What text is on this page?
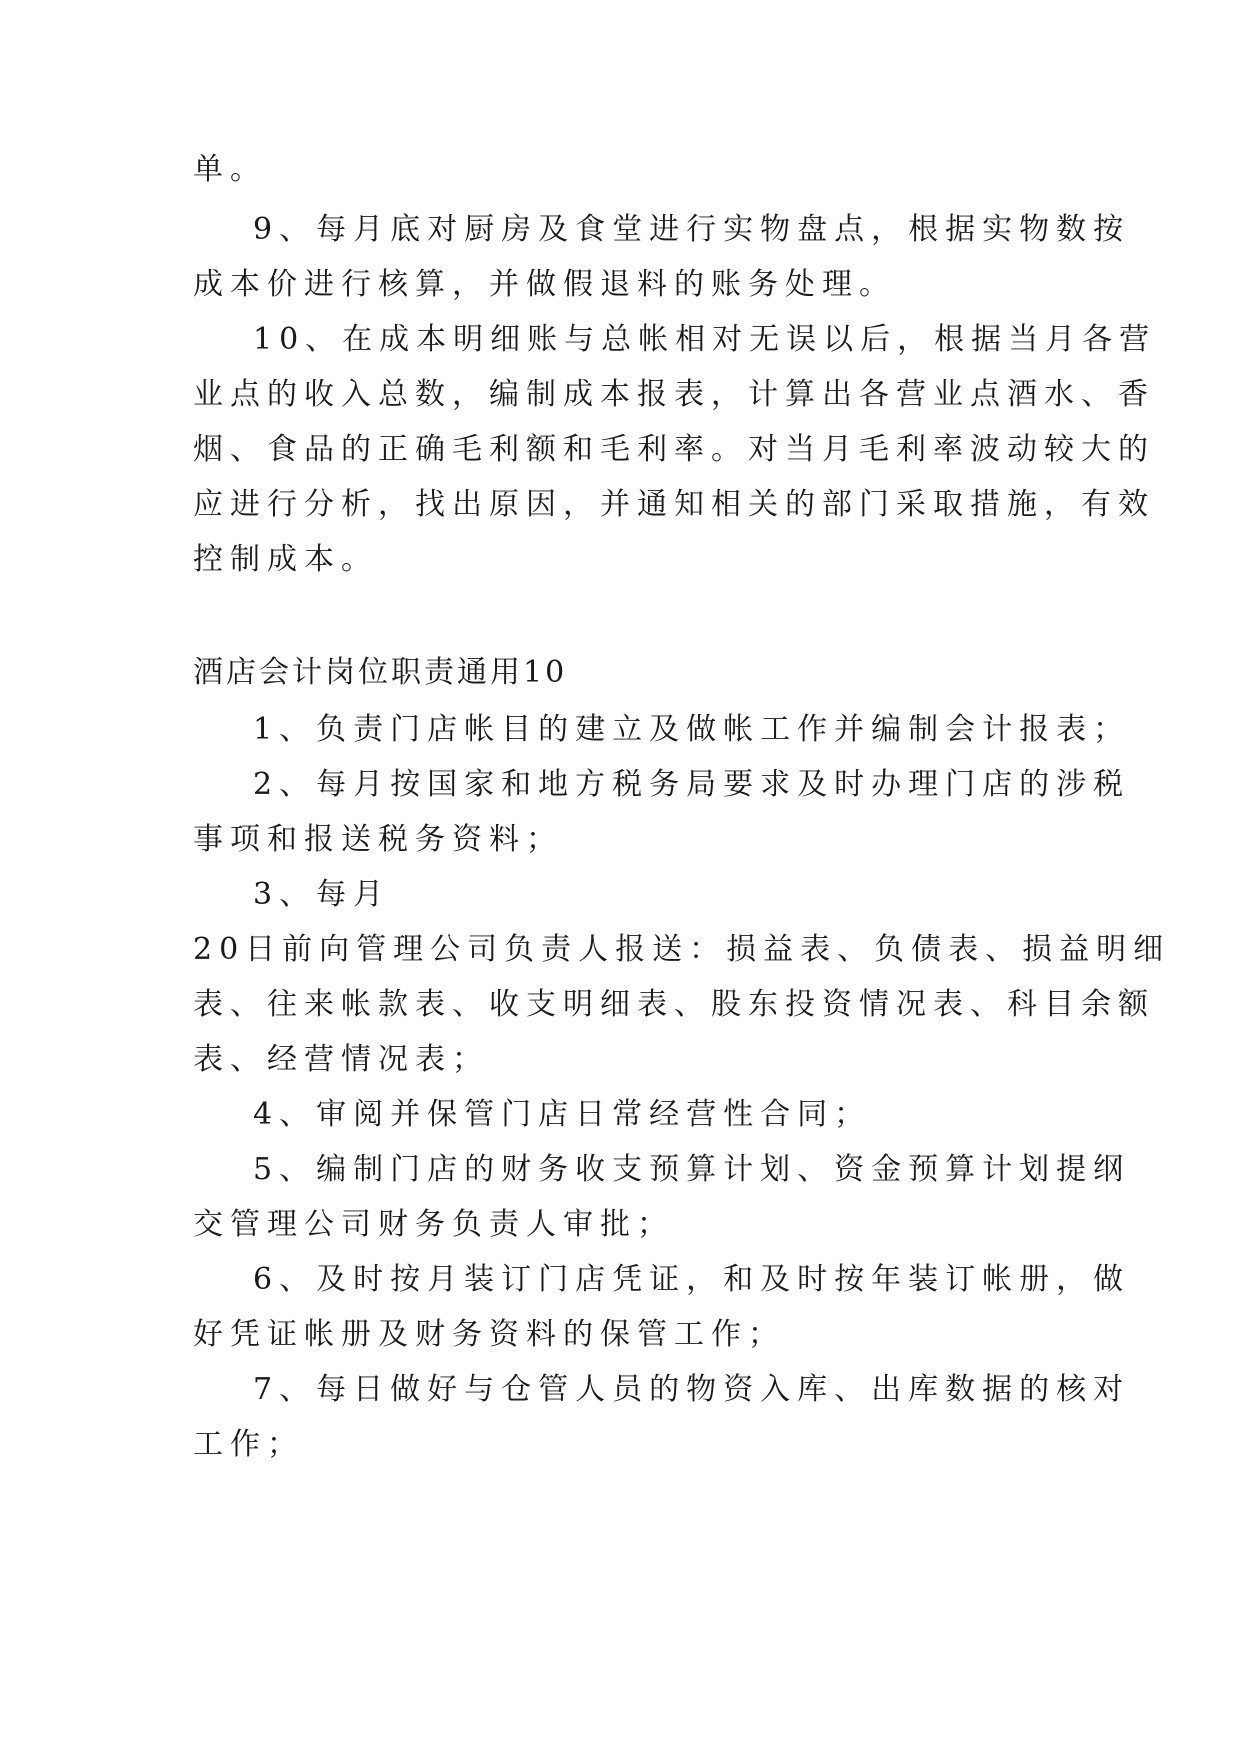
单。
9、每月底对厨房及食堂进行实物盘点，根据实物数按
成本价进行核算，并做假退料的账务处理。
10、在成本明细账与总帐相对无误以后，根据当月各营
业点的收入总数，编制成本报表，计算出各营业点酒水、香
烟、食品的正确毛利额和毛利率。对当月毛利率波动较大的
应进行分析，找出原因，并通知相关的部门采取措施，有效
控制成本。
酒店会计岗位职责通用10
1、负责门店帐目的建立及做帐工作并编制会计报表；
2、每月按国家和地方税务局要求及时办理门店的涉税
事项和报送税务资料；
3、每月
20日前向管理公司负责人报送：损益表、负债表、损益明细
表、往来帐款表、收支明细表、股东投资情况表、科目余额
表、经营情况表；
4、审阅并保管门店日常经营性合同；
5、编制门店的财务收支预算计划、资金预算计划提纲
交管理公司财务负责人审批；
6、及时按月装订门店凭证，和及时按年装订帐册，做
好凭证帐册及财务资料的保管工作；
7、每日做好与仓管人员的物资入库、出库数据的核对
工作；
